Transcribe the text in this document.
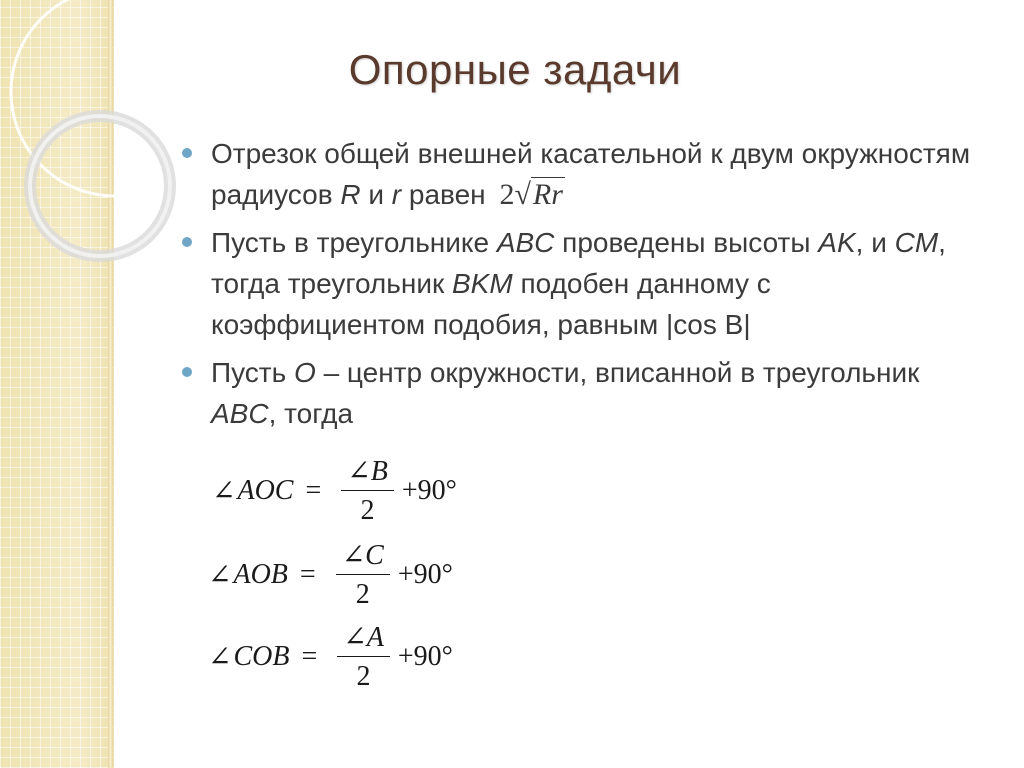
Опорные задачи
Отрезок общей внешней касательной к двум окружностям радиусов R и r равен 2√Rr
Пусть в треугольнике ABC проведены высоты AK, и CM, тогда треугольник BKM подобен данному с коэффициентом подобия, равным |cos B|
Пусть O – центр окружности, вписанной в треугольник ABC, тогда
∠ AOC = $\frac{\angle B}{2} +90^\circ$
∠ AOB = $\frac{\angle C}{2} +90^\circ$
∠ COB = $\frac{\angle A}{2} +90^\circ$
